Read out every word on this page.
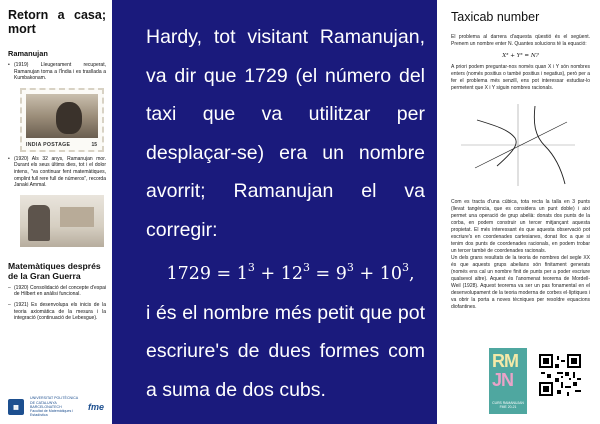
Retorn a casa; mort
Ramanujan
• (1919) Lleugerament recuperat, Ramanujan torna a l'Índia i es trasllada a Kumbakonam.
INDIA POSTAGE	15
• (1920) Als 32 anys, Ramanujan mor. Durant els seus últims dies, tot i el dolor intens, "va continuar fent matemàtiques, omplint full rere full de números", recorda Janaki Ammal.
Matemàtiques després de la Gran Guerra
– (1920) Consolidació del concepte d'espai de Hilbert en anàlisi funcional.
– (1921) Es desenvolupa els inicis de la teoria axiomàtica de la mesura i la integració (continuació de Lebesgue).
▦
UNIVERSITAT POLITÈCNICA DE CATALUNYA BARCELONATECH
Facultat de Matemàtiques i Estadística
fme

Hardy, tot visitant Ramanujan, va dir que 1729 (el número del taxi que va utilitzar per desplaçar-se) era un nombre avorrit; Ramanujan el va corregir:

$1729 = 1^3 + 12^3 = 9^3 + 10^3$,

i és el nombre més petit que pot escriure's de dues formes com a suma de dos cubs.

Taxicab number

El problema al darrera d'aquesta qüestió és el següent. Prenem un nombre enter N. Quantes solucions té la equació:

X³ + Y³ = N?

A priori podem preguntar-nos només quan X i Y són nombres enters (només positius o també positius i negatius), però per a fer el problema més senzill, ens pot interessar estudiar-lo permetent que X i Y siguin nombres racionals.

Com es tracta d'una cúbica, tota recta la talla en 3 punts (llevat tangència, que es considera un punt doble) i així permet una operació de grup abelià: donats dos punts de la corba, en podem construir un tercer mitjançant aquesta propietat. El més interessant és que aquesta observació pot escriure's en coordenades cartesianes, donat lloc a que si tenim dos punts de coordenades racionals, en podem trobar un tercer també de coordenades racionals.

Un dels grans resultats de la teoria de nombres del segle XX és que aquests grups abelians són finitament generats (només ens cal un nombre finit de punts per a poder escriure qualsevol altre). Aquest és l'anomenat teorema de Mordell-Weil (1928). Aquest teorema va ser un pas fonamental en el desenvolupament de la teoria moderna de corbes el·líptiques i va obrir la porta a noves tècniques per resoldre equacions diofantines.

RM
JN
CURS RAMANUJAN FME 20-21
